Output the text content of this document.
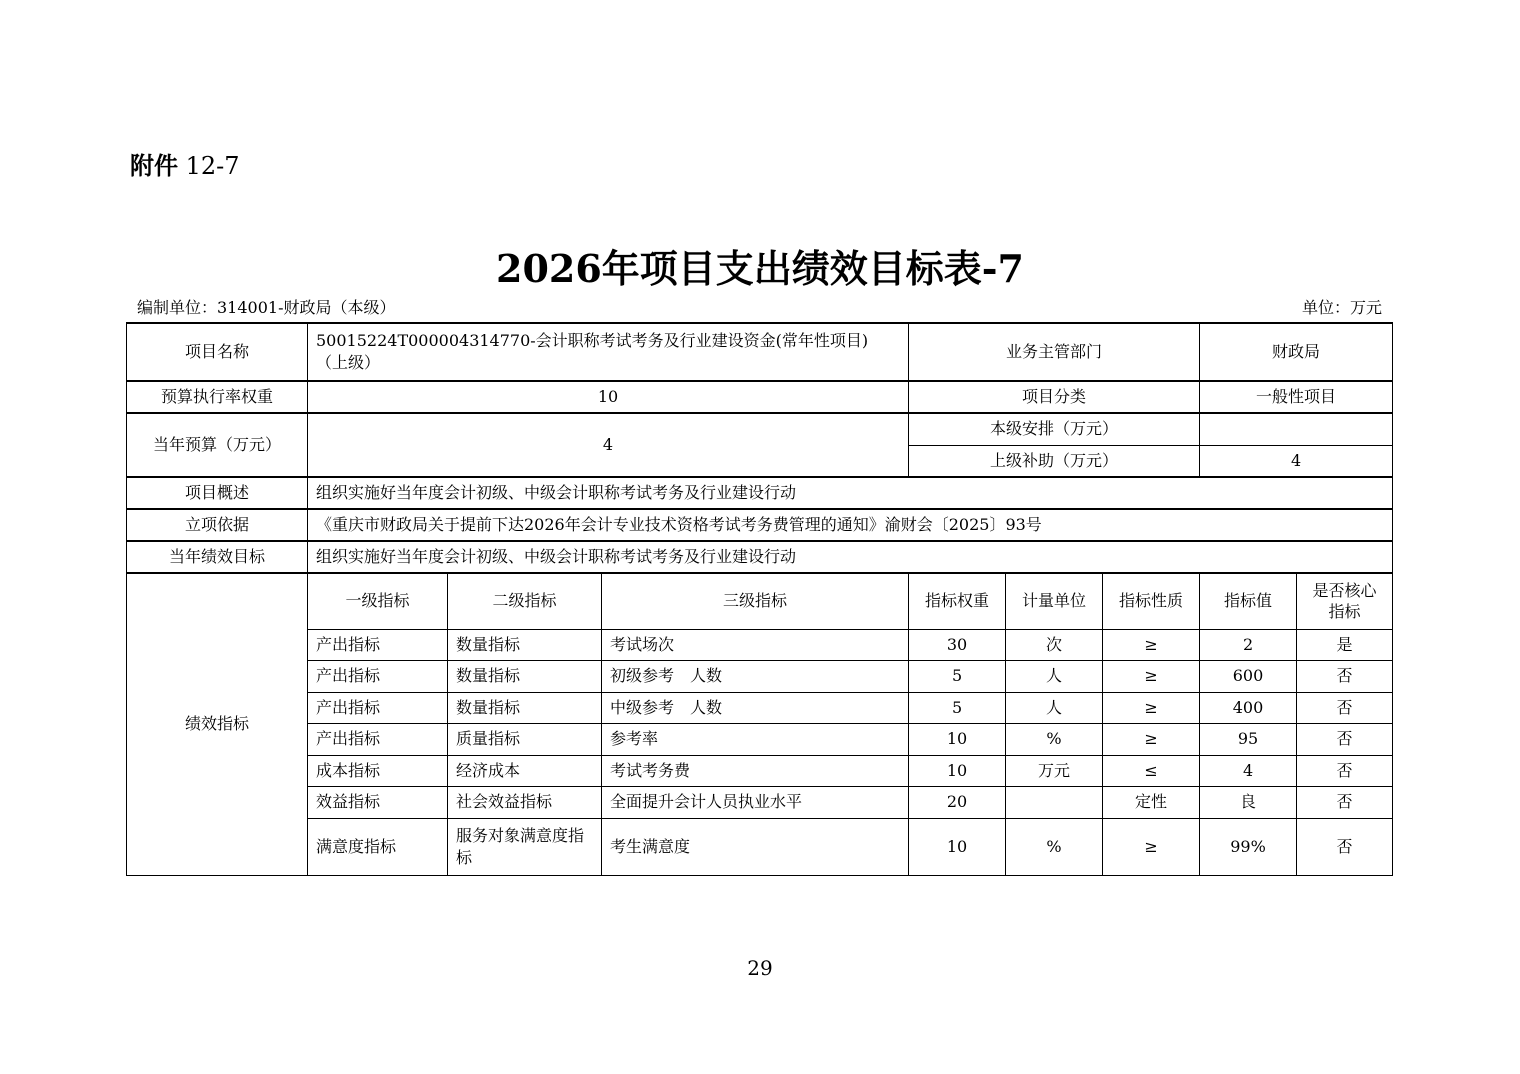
附件 12-7
2026年项目支出绩效目标表-7
编制单位：314001-财政局（本级）	单位：万元
项目名称	50015224T000004314770-会计职称考试考务及行业建设资金(常年性项目)（上级）			业务主管部门			财政局	
预算执行率权重	10			项目分类			一般性项目	
当年预算（万元）	4			本级安排（万元）				
				上级补助（万元）			4	
项目概述	组织实施好当年度会计初级、中级会计职称考试考务及行业建设行动							
立项依据	《重庆市财政局关于提前下达2026年会计专业技术资格考试考务费管理的通知》渝财会〔2025〕93号							
当年绩效目标	组织实施好当年度会计初级、中级会计职称考试考务及行业建设行动							
绩效指标	一级指标	二级指标	三级指标	指标权重	计量单位	指标性质	指标值	是否核心指标
	产出指标	数量指标	考试场次	30	次	≥	2	是
	产出指标	数量指标	初级参考　人数	5	人	≥	600	否
	产出指标	数量指标	中级参考　人数	5	人	≥	400	否
	产出指标	质量指标	参考率	10	%	≥	95	否
	成本指标	经济成本	考试考务费	10	万元	≤	4	否
	效益指标	社会效益指标	全面提升会计人员执业水平	20		定性	良	否
	满意度指标	服务对象满意度指标	考生满意度	10	%	≥	99%	否
29
